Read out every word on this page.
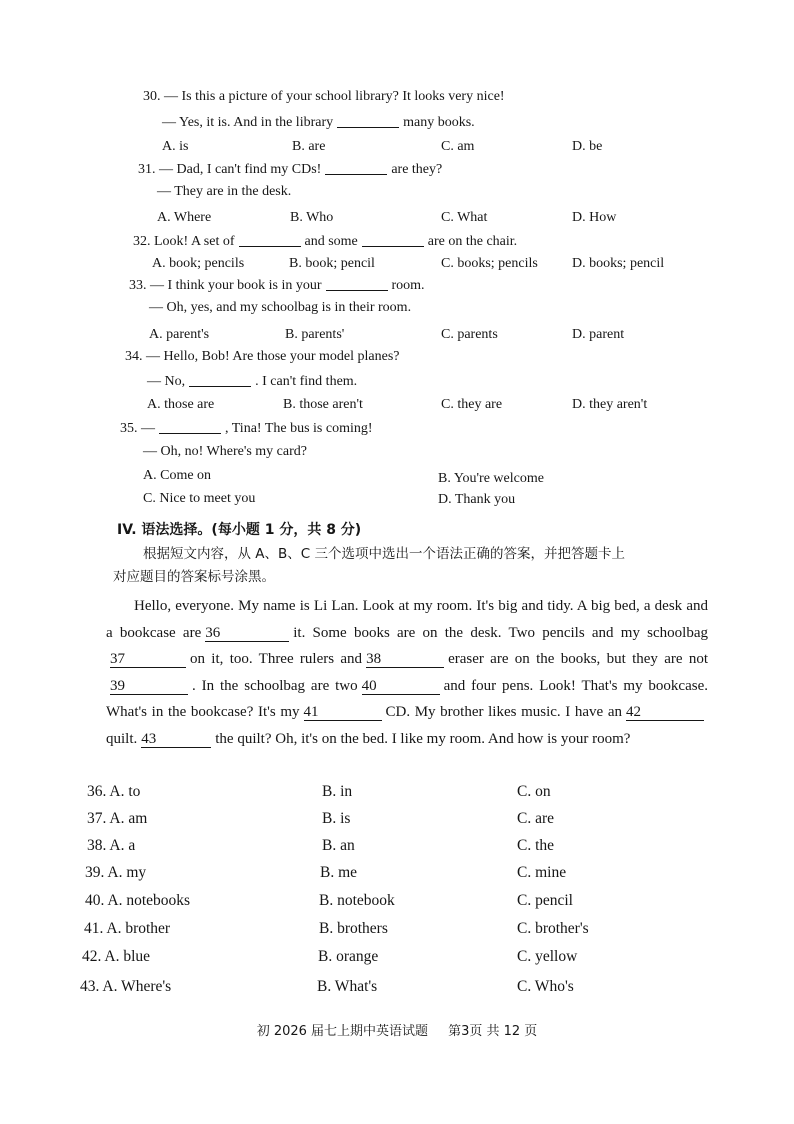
30. — Is this a picture of your school library? It looks very nice!
— Yes, it is. And in the library	many books.
A. is	B. are	C. am	D. be
31. — Dad, I can't find my CDs!	are they?
— They are in the desk.
A. Where	B. Who	C. What	D. How
32. Look! A set of	and some	are on the chair.
A. book; pencils	B. book; pencil	C. books; pencils D. books; pencil
33. — I think your book is in your	room.
— Oh, yes, and my schoolbag is in their room.
A. parent's	B. parents'	C. parents	D. parent
34. — Hello, Bob! Are those your model planes?
— No,	. I can't find them.
A. those are	B. those aren't	C. they are	D. they aren't
35. —	, Tina! The bus is coming!
— Oh, no! Where's my card?
A. Come on	B. You're welcome
C. Nice to meet you	D. Thank you
IV. 语法选择。(每小题 1 分，共 8 分)
根据短文内容，从 A、B、C 三个选项中选出一个语法正确的答案，并把答题卡上
对应题目的答案标号涂黑。
Hello, everyone. My name is Li Lan. Look at my room. It's big and tidy. A big bed, a desk and a bookcase are 36	it. Some books are on the desk. Two pencils and my schoolbag37	on it, too. Three rulers and 38	eraser are on the books, but they are not39	. In the schoolbag are two 40	and four pens. Look! That's my bookcase. What's in the bookcase? It's my 41	CD. My brother likes music. I have an 42quilt. 43	the quilt? Oh, it's on the bed. I like my room. And how is your room?
36. A. to	B. in	C. on
37. A. am	B. is	C. are
38. A. a	B. an	C. the
39. A. my	B. me	C. mine
40. A. notebooks	B. notebook	C. pencil
41. A. brother	B. brothers	C. brother's
42. A. blue	B. orange	C. yellow
43. A. Where's	B. What's	C. Who's
初 2026 届七上期中英语试题 第3页 共 12 页
